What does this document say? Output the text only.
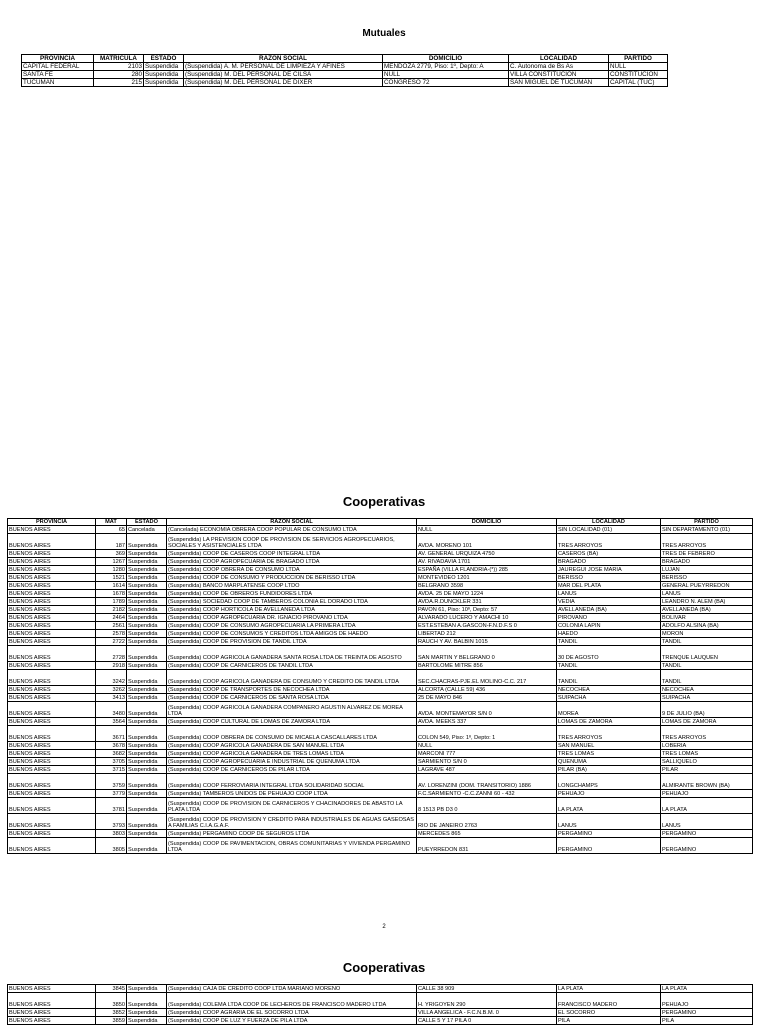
Mutuales
PROVINCIA	MATRICULA	ESTADO	RAZON SOCIAL	DOMICILIO	LOCALIDAD	PARTIDO
CAPITAL FEDERAL	2103	Suspendida	(Suspendida) A. M. PERSONAL DE LIMPIEZA Y AFINES	MENDOZA 2779, Piso: 1º, Depto: A	C. Autonoma de Bs As	NULL
SANTA FE	280	Suspendida	(Suspendida) M. DEL PERSONAL DE CILSA	NULL	VILLA CONSTITUCION	CONSTITUCION
TUCUMAN	215	Suspendida	(Suspendida) M. DEL PERSONAL DE DIXER	CONGRESO 72	SAN MIGUEL DE TUCUMAN	CAPITAL (TUC)
Cooperativas
PROVINCIA	MAT	ESTADO	RAZON SOCIAL	DOMICILIO	LOCALIDAD	PARTIDO
BUENOS AIRES	65	Cancelada	(Cancelada) ECONOMIA OBRERA COOP POPULAR DE CONSUMO LTDA	NULL	SIN LOCALIDAD (01)	SIN DEPARTAMENTO (01)
BUENOS AIRES	187	Suspendida	(Suspendida) LA PREVISION COOP DE PROVISION DE SERVICIOS AGROPECUARIOS, SOCIALES Y ASISTENCIALES LTDA	AVDA. MORENO 101	TRES ARROYOS	TRES ARROYOS
BUENOS AIRES	369	Suspendida	(Suspendida) COOP DE CASEROS COOP INTEGRAL LTDA	AV. GENERAL URQUIZA 4750	CASEROS (BA)	TRES DE FEBRERO
BUENOS AIRES	1267	Suspendida	(Suspendida) COOP AGROPECUARIA DE BRAGADO LTDA	AV. RIVADAVIA 1701	BRAGADO	BRAGADO
BUENOS AIRES	1280	Suspendida	(Suspendida) COOP OBRERA DE CONSUMO LTDA	ESPAÑA (VILLA FLANDRIA-(*)) 285	JAUREGUI JOSE MARIA	LUJAN
BUENOS AIRES	1521	Suspendida	(Suspendida) COOP DE CONSUMO Y PRODUCCION DE BERISSO LTDA	MONTEVIDEO 1201	BERISSO	BERISSO
BUENOS AIRES	1614	Suspendida	(Suspendida) BANCO MARPLATENSE COOP LTDO	BELGRANO 3598	MAR DEL PLATA	GENERAL PUEYRREDON
BUENOS AIRES	1678	Suspendida	(Suspendida) COOP DE OBREROS FUNDIDORES LTDA	AVDA. 25 DE MAYO 1224	LANUS	LANUS
BUENOS AIRES	1789	Suspendida	(Suspendida) SOCIEDAD COOP DE TAMBEROS COLONIA EL DORADO LTDA	AVDA.R.DUNCKLER 331	VEDIA	LEANDRO N. ALEM (BA)
BUENOS AIRES	2182	Suspendida	(Suspendida) COOP HORTICOLA DE AVELLANEDA LTDA	PAVON 61, Piso: 10º, Depto: 57	AVELLANEDA (BA)	AVELLANEDA (BA)
BUENOS AIRES	2464	Suspendida	(Suspendida) COOP AGROPECUARIA DR. IGNACIO PIROVANO LTDA	ALVARADO LUCERO Y AMACHI 10	PIROVANO	BOLIVAR
BUENOS AIRES	2561	Suspendida	(Suspendida) COOP DE CONSUMO AGROPECUARIA LA PRIMERA LTDA	EST.ESTEBAN A.GASCON-F.N.D.F.S 0	COLONIA LAPIN	ADOLFO ALSINA (BA)
BUENOS AIRES	2578	Suspendida	(Suspendida) COOP DE CONSUMOS Y CREDITOS LTDA AMIGOS DE HAEDO	LIBERTAD 212	HAEDO	MORON
BUENOS AIRES	2722	Suspendida	(Suspendida) COOP DE PROVISION DE TANDIL LTDA	RAUCH Y AV. BALBIN 1015	TANDIL	TANDIL
BUENOS AIRES	2728	Suspendida	(Suspendida) COOP AGRICOLA GANADERA SANTA ROSA LTDA DE TREINTA DE AGOSTO	SAN MARTIN Y BELGRANO 0	30 DE AGOSTO	TRENQUE LAUQUEN
BUENOS AIRES	2918	Suspendida	(Suspendida) COOP DE CARNICEROS DE TANDIL LTDA	BARTOLOME MITRE 856	TANDIL	TANDIL
BUENOS AIRES	3242	Suspendida	(Suspendida) COOP AGRICOLA GANADERA DE CONSUMO Y CREDITO DE TANDIL LTDA	SEC.CHACRAS-PJE.EL MOLINO-C.C. 217	TANDIL	TANDIL
BUENOS AIRES	3262	Suspendida	(Suspendida) COOP DE TRANSPORTES DE NECOCHEA LTDA	ALCORTA (CALLE 59) 436	NECOCHEA	NECOCHEA
BUENOS AIRES	3413	Suspendida	(Suspendida) COOP DE CARNICEROS DE SANTA ROSA LTDA	25 DE MAYO 846	SUIPACHA	SUIPACHA
BUENOS AIRES	3480	Suspendida	(Suspendida) COOP AGRICOLA GANADERA COMPANERO AGUSTIN ALVAREZ DE MOREA LTDA	AVDA. MONTEMAYOR S/N 0	MOREA	9 DE JULIO (BA)
BUENOS AIRES	3564	Suspendida	(Suspendida) COOP CULTURAL DE LOMAS DE ZAMORA LTDA	AVDA. MEEKS 337	LOMAS DE ZAMORA	LOMAS DE ZAMORA
BUENOS AIRES	3671	Suspendida	(Suspendida) COOP OBRERA DE CONSUMO DE MICAELA CASCALLARES LTDA	COLON 549, Piso: 1º, Depto: 1	TRES ARROYOS	TRES ARROYOS
BUENOS AIRES	3678	Suspendida	(Suspendida) COOP AGRICOLA GANADERA DE SAN MANUEL LTDA	NULL	SAN MANUEL	LOBERIA
BUENOS AIRES	3682	Suspendida	(Suspendida) COOP AGRICOLA GANADERA DE TRES LOMAS LTDA	MARCONI 777	TRES LOMAS	TRES LOMAS
BUENOS AIRES	3705	Suspendida	(Suspendida) COOP AGROPECUARIA E INDUSTRIAL DE QUENUMA LTDA	SARMIENTO S/N 0	QUENUMA	SALLIQUELO
BUENOS AIRES	3715	Suspendida	(Suspendida) COOP DE CARNICEROS DE PILAR LTDA	LAGRAVE 487	PILAR (BA)	PILAR
BUENOS AIRES	3759	Suspendida	(Suspendida) COOP FERROVIARIA INTEGRAL LTDA SOLIDARIDAD SOCIAL	AV. LORENZINI (DOM. TRANSITORIO) 1886	LONGCHAMPS	ALMIRANTE BROWN (BA)
BUENOS AIRES	3779	Suspendida	(Suspendida) TAMBEROS UNIDOS DE PEHUAJO COOP LTDA	F.C.SARMIENTO -C.C.ZANNI 60 - 432	PEHUAJO	PEHUAJO
BUENOS AIRES	3781	Suspendida	(Suspendida) COOP DE PROVISION DE CARNICEROS Y CHACINADORES DE ABASTO LA PLATA LTDA	8 1513 PB D3 0	LA PLATA	LA PLATA
BUENOS AIRES	3793	Suspendida	(Suspendida) COOP DE PROVISION Y CREDITO PARA INDUSTRIALES DE AGUAS GASEOSAS A FAMILIAS C.I.A.G.A.F.	RIO DE JANEIRO 2763	LANUS	LANUS
BUENOS AIRES	3803	Suspendida	(Suspendida) PERGAMINO COOP DE SEGUROS LTDA	MERCEDES 865	PERGAMINO	PERGAMINO
BUENOS AIRES	3805	Suspendida	(Suspendida) COOP DE PAVIMENTACION, OBRAS COMUNITARIAS Y VIVIENDA PERGAMINO LTDA	PUEYRREDON 831	PERGAMINO	PERGAMINO
2
Cooperativas
BUENOS AIRES	3845	Suspendida	(Suspendida) CAJA DE CREDITO COOP LTDA MARIANO MORENO	CALLE 38 909	LA PLATA	LA PLATA
BUENOS AIRES	3850	Suspendida	(Suspendida) COLEMA LTDA COOP DE LECHEROS DE FRANCISCO MADERO LTDA	H. YRIGOYEN 290	FRANCISCO MADERO	PEHUAJO
BUENOS AIRES	3852	Suspendida	(Suspendida) COOP AGRARIA DE EL SOCORRO LTDA	VILLA ANGELICA - F.C.N.B.M. 0	EL SOCORRO	PERGAMINO
BUENOS AIRES	3859	Suspendida	(Suspendida) COOP DE LUZ Y FUERZA DE PILA LTDA	CALLE 5 Y 17 PILA 0	PILA	PILA
